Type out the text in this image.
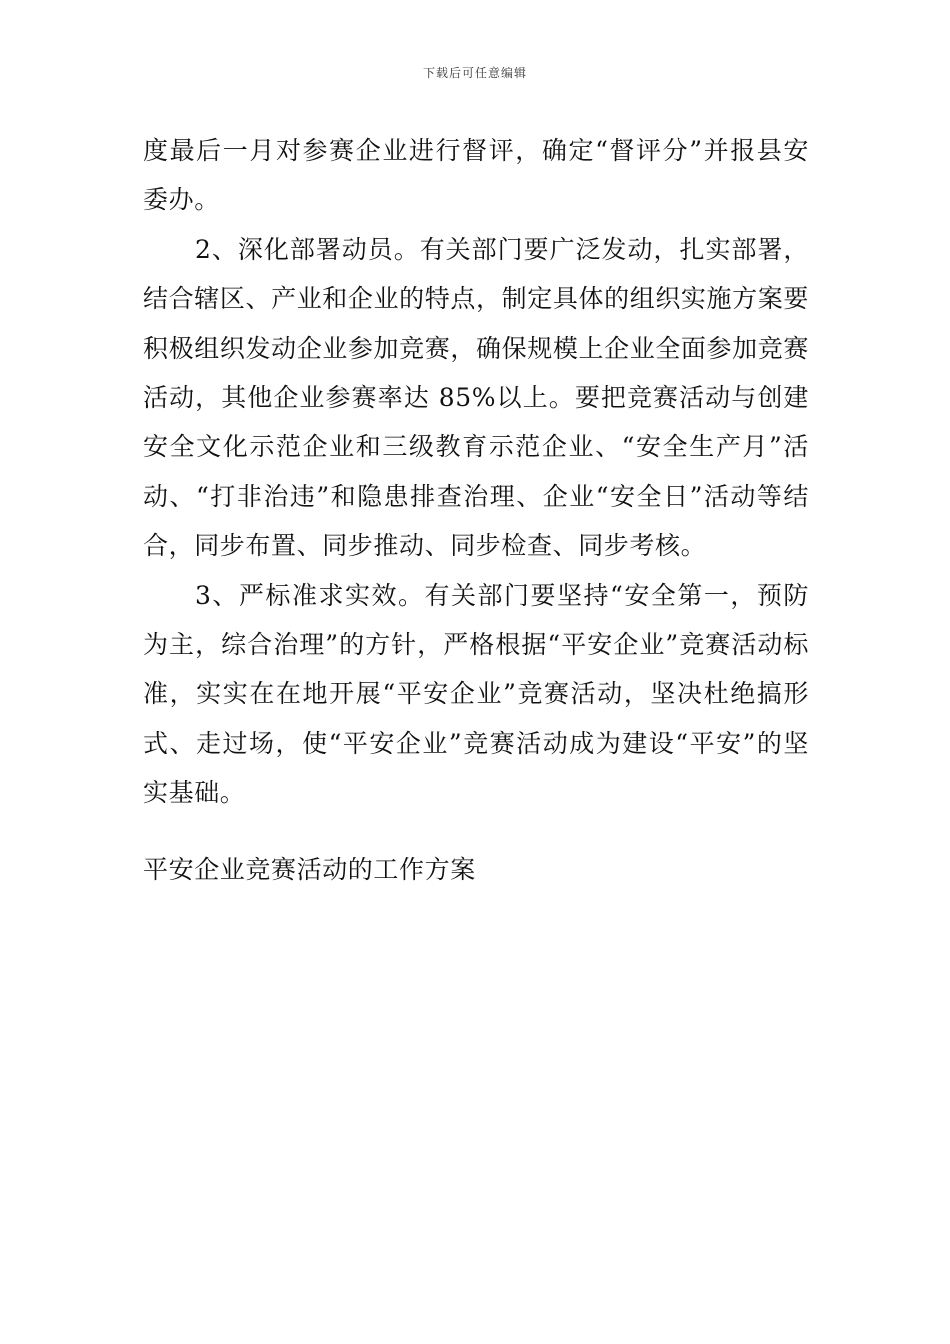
下载后可任意编辑

度最后一月对参赛企业进行督评，确定“督评分”并报县安委办。

2、深化部署动员。有关部门要广泛发动，扎实部署，结合辖区、产业和企业的特点，制定具体的组织实施方案要积极组织发动企业参加竞赛，确保规模上企业全面参加竞赛活动，其他企业参赛率达 85%以上。要把竞赛活动与创建安全文化示范企业和三级教育示范企业、“安全生产月”活动、“打非治违”和隐患排查治理、企业“安全日”活动等结合，同步布置、同步推动、同步检查、同步考核。

3、严标准求实效。有关部门要坚持“安全第一，预防为主，综合治理”的方针，严格根据“平安企业”竞赛活动标准，实实在在地开展“平安企业”竞赛活动，坚决杜绝搞形式、走过场，使“平安企业”竞赛活动成为建设“平安”的坚实基础。

平安企业竞赛活动的工作方案
